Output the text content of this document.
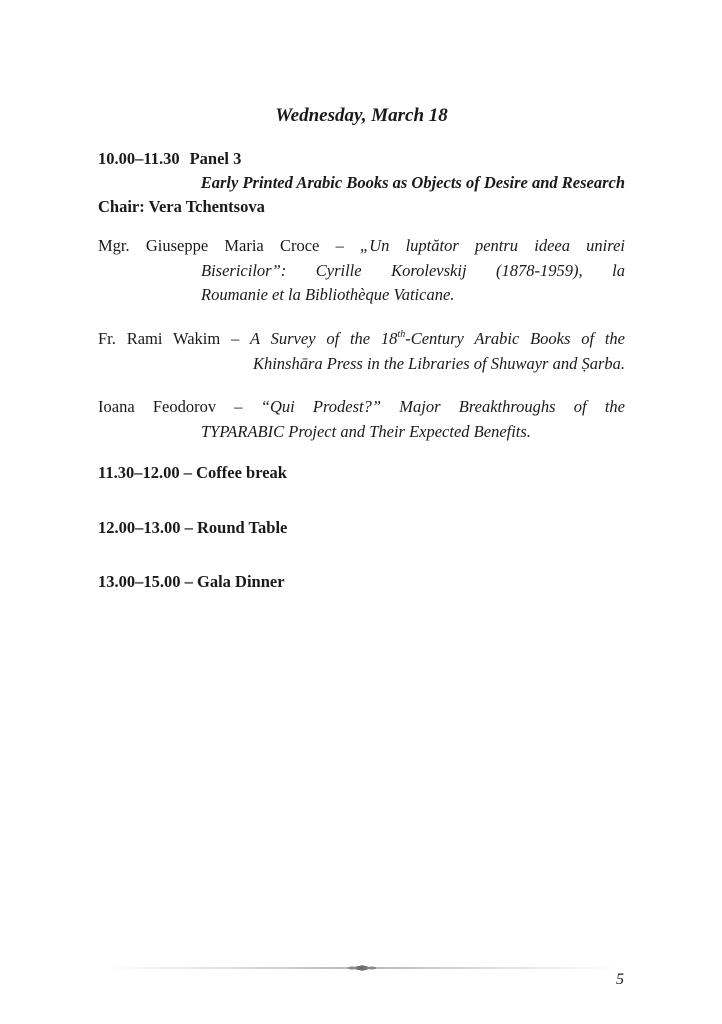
Wednesday, March 18
10.00–11.30 Panel 3
Early Printed Arabic Books as Objects of Desire and Research
Chair: Vera Tchentsova
Mgr. Giuseppe Maria Croce – „Un luptător pentru ideea unirei
Bisericilor”: Cyrille Korolevskij (1878-1959), la
Roumanie et la Bibliothèque Vaticane.
Fr. Rami Wakim – A Survey of the 18th-Century Arabic Books of the
Khinshāra Press in the Libraries of Shuwayr and Ṣarba.
Ioana Feodorov – “Qui Prodest?” Major Breakthroughs of the
TYPARABIC Project and Their Expected Benefits.
11.30–12.00 – Coffee break
12.00–13.00 – Round Table
13.00–15.00 – Gala Dinner
5
